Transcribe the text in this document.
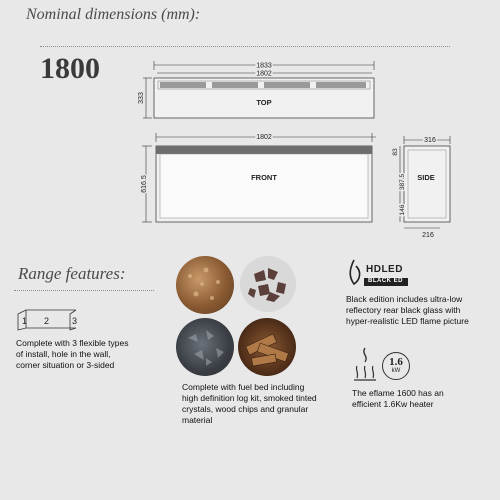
Nominal dimensions (mm):
1800	1833
1802
TOP
333
1802
FRONT
616.5
316
SIDE
83
387.5
146
216
Range features:
1 2	3
Complete with 3 flexible types of install, hole in the wall, corner situation or 3-sided
Complete with fuel bed including high definition log kit, smoked tinted crystals, wood chips and granular material
HDLED
BLACK ED
Black edition includes ultra-low reflectory rear black glass with hyper-realistic LED flame picture
1.6
kW
The eflame 1600 has an efficient 1.6Kw heater
